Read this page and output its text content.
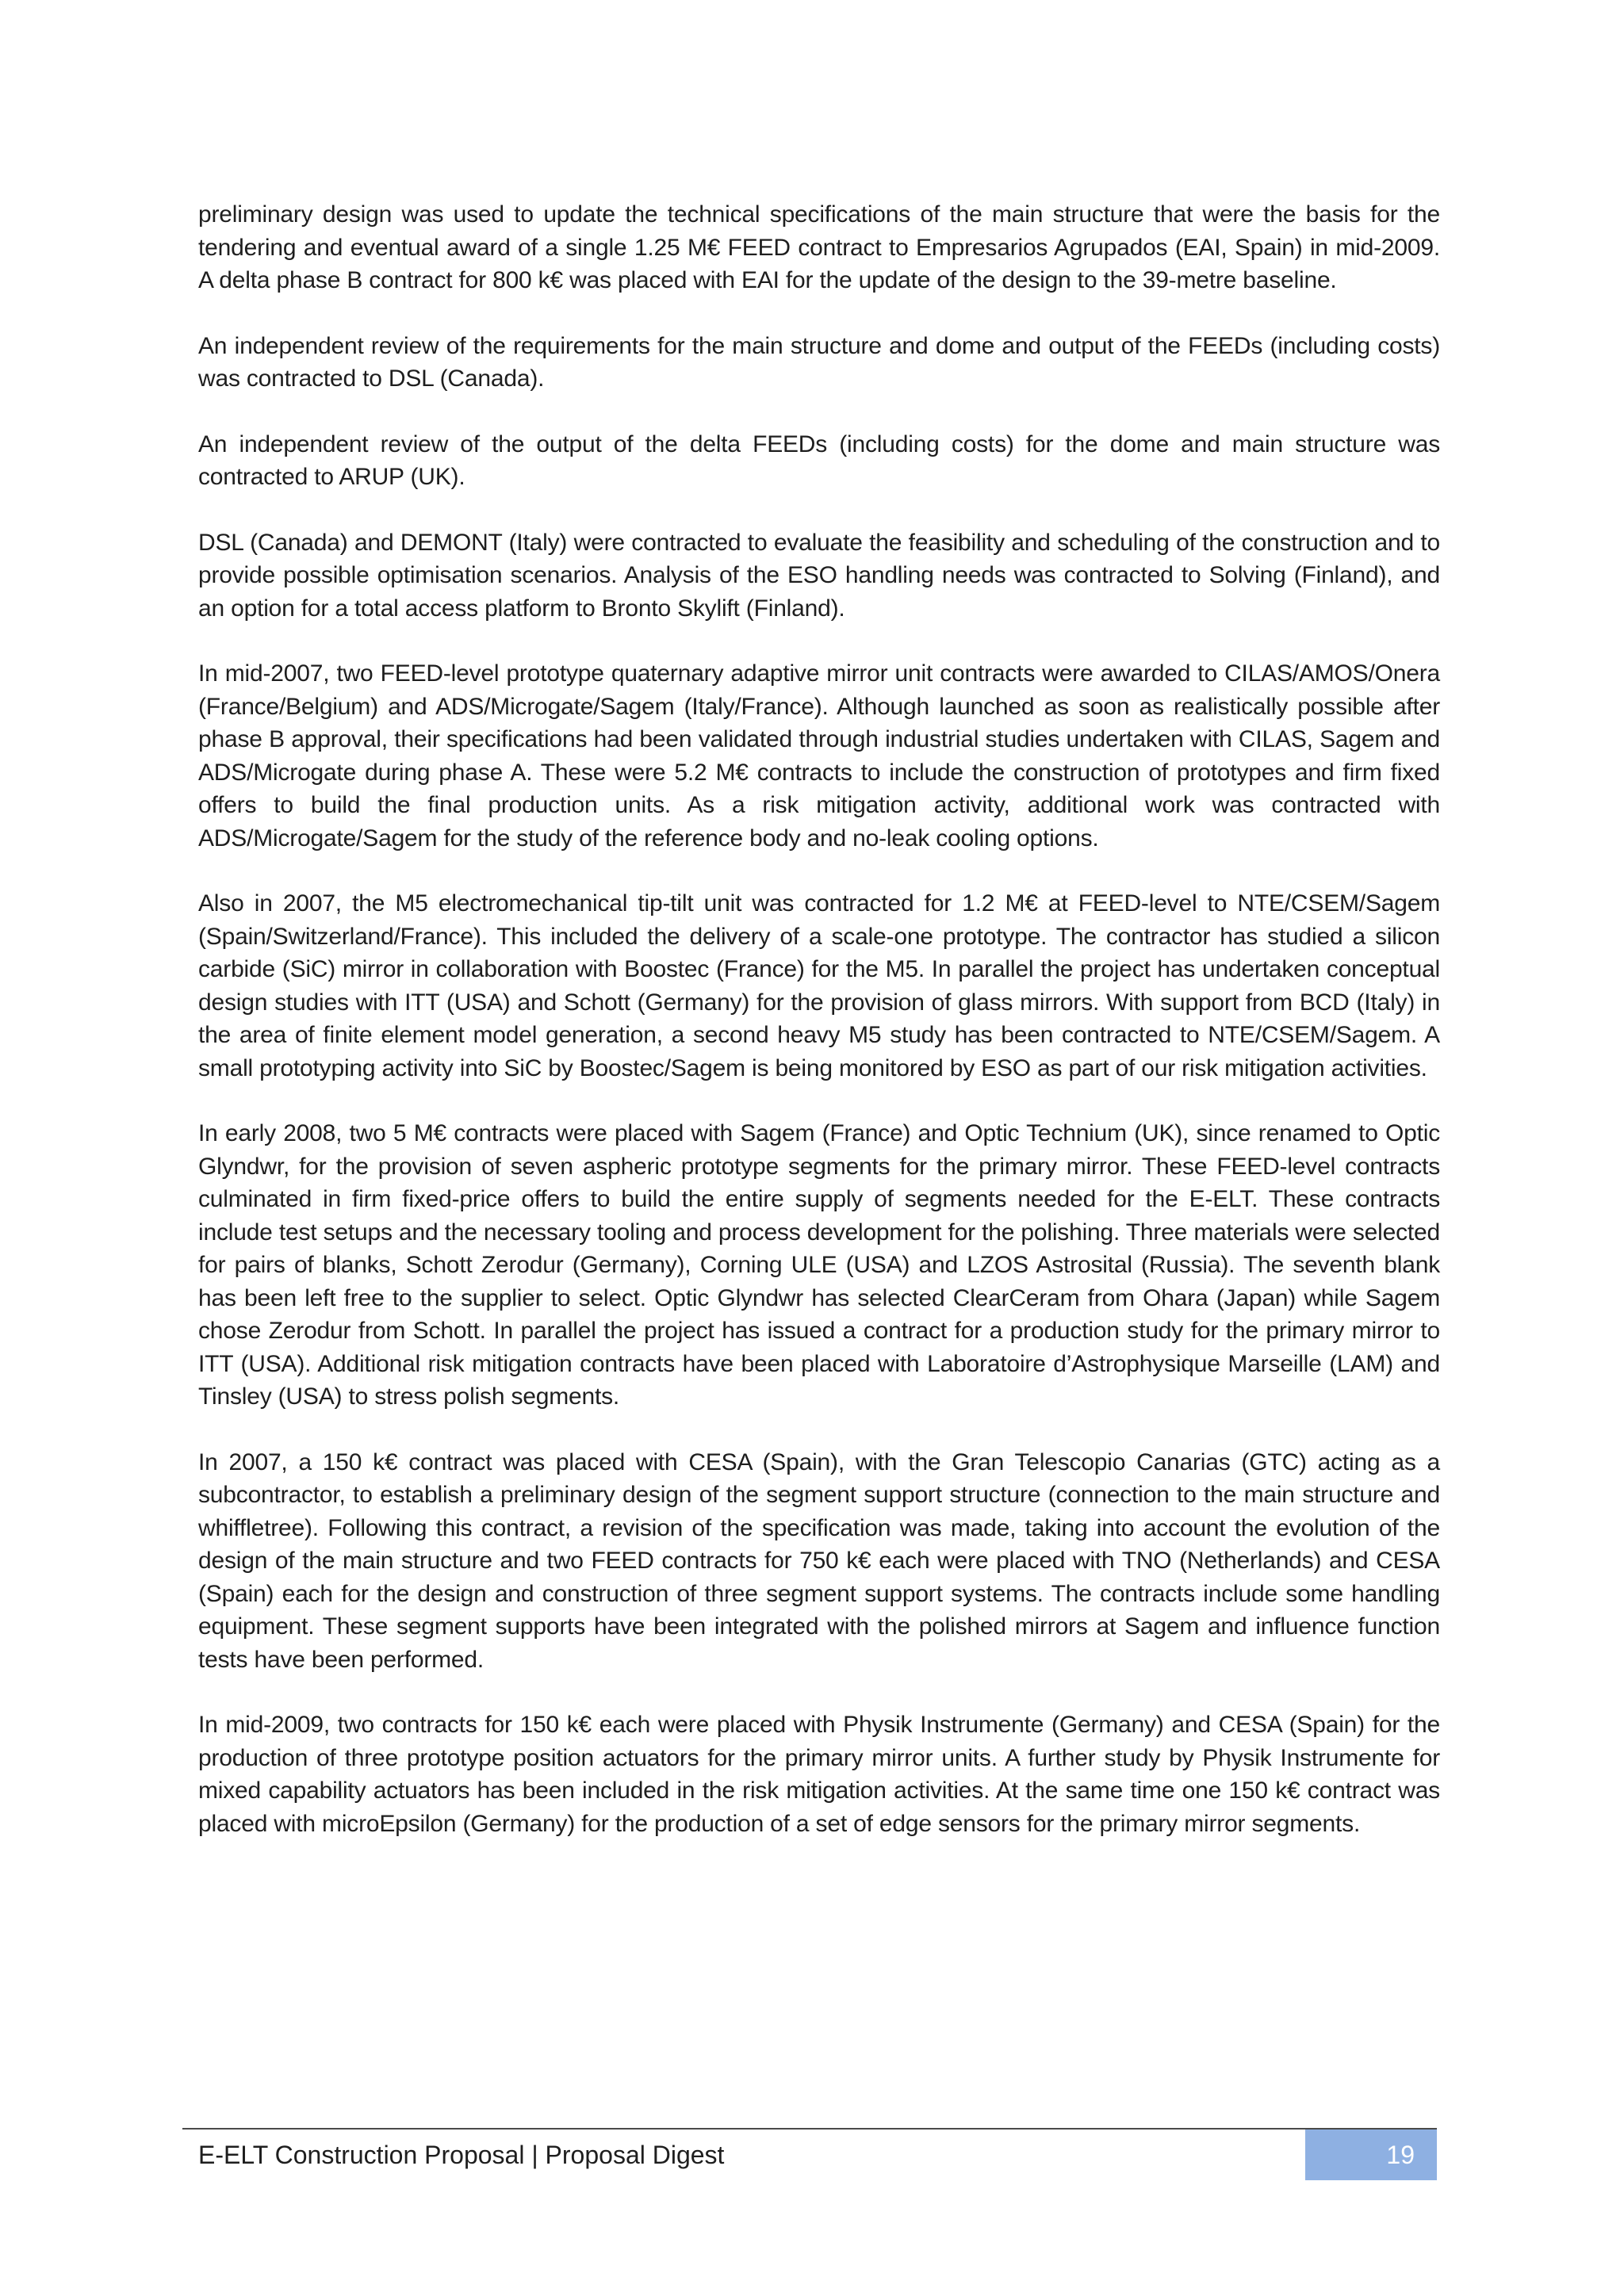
preliminary design was used to update the technical specifications of the main structure that were the basis for the tendering and eventual award of a single 1.25 M€ FEED contract to Empresarios Agrupados (EAI, Spain) in mid-2009. A delta phase B contract for 800 k€ was placed with EAI for the update of the design to the 39-metre baseline.

An independent review of the requirements for the main structure and dome and output of the FEEDs (including costs) was contracted to DSL (Canada).

An independent review of the output of the delta FEEDs (including costs) for the dome and main structure was contracted to ARUP (UK).

DSL (Canada) and DEMONT (Italy) were contracted to evaluate the feasibility and scheduling of the construction and to provide possible optimisation scenarios. Analysis of the ESO handling needs was contracted to Solving (Finland), and an option for a total access platform to Bronto Skylift (Finland).

In mid-2007, two FEED-level prototype quaternary adaptive mirror unit contracts were awarded to CILAS/AMOS/Onera (France/Belgium) and ADS/Microgate/Sagem (Italy/France). Although launched as soon as realistically possible after phase B approval, their specifications had been validated through industrial studies undertaken with CILAS, Sagem and ADS/Microgate during phase A. These were 5.2 M€ contracts to include the construction of prototypes and firm fixed offers to build the final production units. As a risk mitigation activity, additional work was contracted with ADS/Microgate/Sagem for the study of the reference body and no-leak cooling options.

Also in 2007, the M5 electromechanical tip-tilt unit was contracted for 1.2 M€ at FEED-level to NTE/CSEM/Sagem (Spain/Switzerland/France). This included the delivery of a scale-one prototype. The contractor has studied a silicon carbide (SiC) mirror in collaboration with Boostec (France) for the M5. In parallel the project has undertaken conceptual design studies with ITT (USA) and Schott (Germany) for the provision of glass mirrors. With support from BCD (Italy) in the area of finite element model generation, a second heavy M5 study has been contracted to NTE/CSEM/Sagem. A small prototyping activity into SiC by Boostec/Sagem is being monitored by ESO as part of our risk mitigation activities.

In early 2008, two 5 M€ contracts were placed with Sagem (France) and Optic Technium (UK), since renamed to Optic Glyndwr, for the provision of seven aspheric prototype segments for the primary mirror. These FEED-level contracts culminated in firm fixed-price offers to build the entire supply of segments needed for the E-ELT. These contracts include test setups and the necessary tooling and process development for the polishing. Three materials were selected for pairs of blanks, Schott Zerodur (Germany), Corning ULE (USA) and LZOS Astrosital (Russia). The seventh blank has been left free to the supplier to select. Optic Glyndwr has selected ClearCeram from Ohara (Japan) while Sagem chose Zerodur from Schott. In parallel the project has issued a contract for a production study for the primary mirror to ITT (USA). Additional risk mitigation contracts have been placed with Laboratoire d’Astrophysique Marseille (LAM) and Tinsley (USA) to stress polish segments.

In 2007, a 150 k€ contract was placed with CESA (Spain), with the Gran Telescopio Canarias (GTC) acting as a subcontractor, to establish a preliminary design of the segment support structure (connection to the main structure and whiffletree). Following this contract, a revision of the specification was made, taking into account the evolution of the design of the main structure and two FEED contracts for 750 k€ each were placed with TNO (Netherlands) and CESA (Spain) each for the design and construction of three segment support systems. The contracts include some handling equipment. These segment supports have been integrated with the polished mirrors at Sagem and influence function tests have been performed.

In mid-2009, two contracts for 150 k€ each were placed with Physik Instrumente (Germany) and CESA (Spain) for the production of three prototype position actuators for the primary mirror units. A further study by Physik Instrumente for mixed capability actuators has been included in the risk mitigation activities. At the same time one 150 k€ contract was placed with microEpsilon (Germany) for the production of a set of edge sensors for the primary mirror segments.

E-ELT Construction Proposal | Proposal Digest	19
